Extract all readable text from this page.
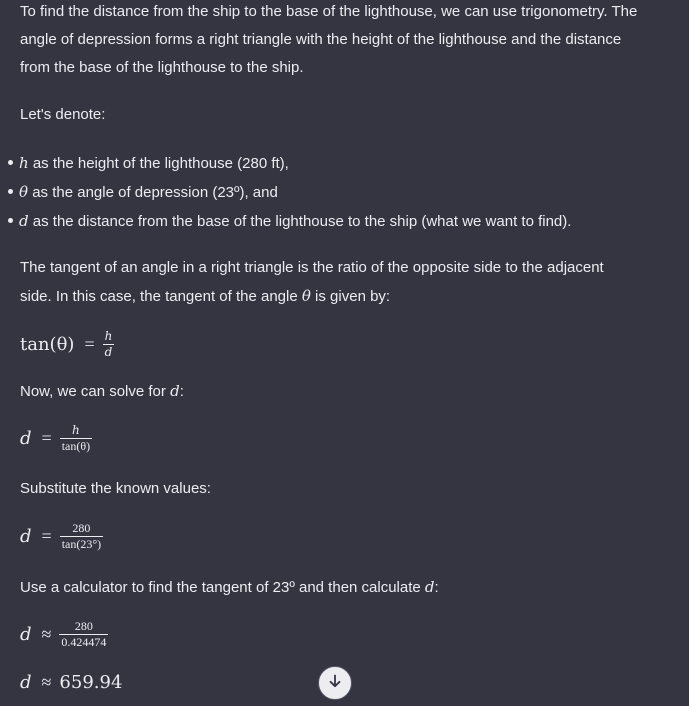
To find the distance from the ship to the base of the lighthouse, we can use trigonometry. The angle of depression forms a right triangle with the height of the lighthouse and the distance from the base of the lighthouse to the ship.

Let's denote:

h as the height of the lighthouse (280 ft),
θ as the angle of depression (23º), and
d as the distance from the base of the lighthouse to the ship (what we want to find).

The tangent of an angle in a right triangle is the ratio of the opposite side to the adjacent side. In this case, the tangent of the angle θ is given by:

$\tan(\theta) = \frac{h}{d}$

Now, we can solve for d:

$d = \frac{h}{\tan(\theta)}$

Substitute the known values:

$d = \frac{280}{\tan(23^\circ)}$

Use a calculator to find the tangent of 23º and then calculate d:

$d \approx \frac{280}{0.424474}$
d ≈ 659.94
